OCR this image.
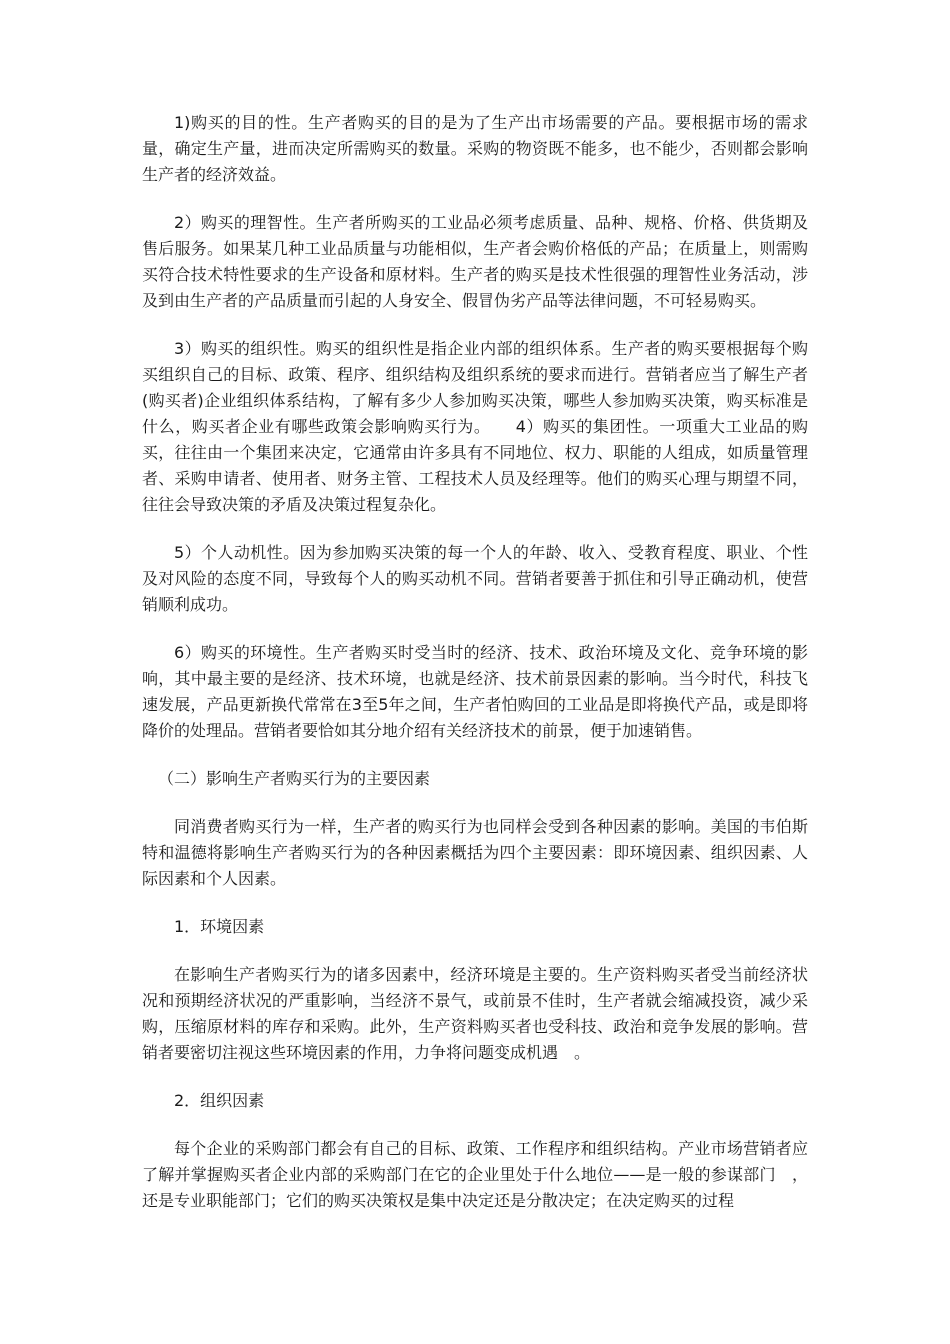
1)购买的目的性。生产者购买的目的是为了生产出市场需要的产品。要根据市场的需求量，确定生产量，进而决定所需购买的数量。采购的物资既不能多，也不能少，否则都会影响生产者的经济效益。

2）购买的理智性。生产者所购买的工业品必须考虑质量、品种、规格、价格、供货期及售后服务。如果某几种工业品质量与功能相似，生产者会购价格低的产品；在质量上，则需购买符合技术特性要求的生产设备和原材料。生产者的购买是技术性很强的理智性业务活动，涉及到由生产者的产品质量而引起的人身安全、假冒伪劣产品等法律问题，不可轻易购买。

3）购买的组织性。购买的组织性是指企业内部的组织体系。生产者的购买要根据每个购买组织自己的目标、政策、程序、组织结构及组织系统的要求而进行。营销者应当了解生产者(购买者)企业组织体系结构，了解有多少人参加购买决策，哪些人参加购买决策，购买标准是什么，购买者企业有哪些政策会影响购买行为。　　4）购买的集团性。一项重大工业品的购买，往往由一个集团来决定，它通常由许多具有不同地位、权力、职能的人组成，如质量管理者、采购申请者、使用者、财务主管、工程技术人员及经理等。他们的购买心理与期望不同，往往会导致决策的矛盾及决策过程复杂化。

5）个人动机性。因为参加购买决策的每一个人的年龄、收入、受教育程度、职业、个性及对风险的态度不同，导致每个人的购买动机不同。营销者要善于抓住和引导正确动机，使营销顺利成功。

6）购买的环境性。生产者购买时受当时的经济、技术、政治环境及文化、竞争环境的影响，其中最主要的是经济、技术环境，也就是经济、技术前景因素的影响。当今时代，科技飞速发展，产品更新换代常常在3至5年之间，生产者怕购回的工业品是即将换代产品，或是即将降价的处理品。营销者要恰如其分地介绍有关经济技术的前景，便于加速销售。

（二）影响生产者购买行为的主要因素

同消费者购买行为一样，生产者的购买行为也同样会受到各种因素的影响。美国的韦伯斯特和温德将影响生产者购买行为的各种因素概括为四个主要因素：即环境因素、组织因素、人际因素和个人因素。

1．环境因素

在影响生产者购买行为的诸多因素中，经济环境是主要的。生产资料购买者受当前经济状况和预期经济状况的严重影响，当经济不景气，或前景不佳时，生产者就会缩减投资，减少采购，压缩原材料的库存和采购。此外，生产资料购买者也受科技、政治和竞争发展的影响。营销者要密切注视这些环境因素的作用，力争将问题变成机遇　。

2．组织因素

每个企业的采购部门都会有自己的目标、政策、工作程序和组织结构。产业市场营销者应了解并掌握购买者企业内部的采购部门在它的企业里处于什么地位——是一般的参谋部门　，还是专业职能部门；它们的购买决策权是集中决定还是分散决定；在决定购买的过程
